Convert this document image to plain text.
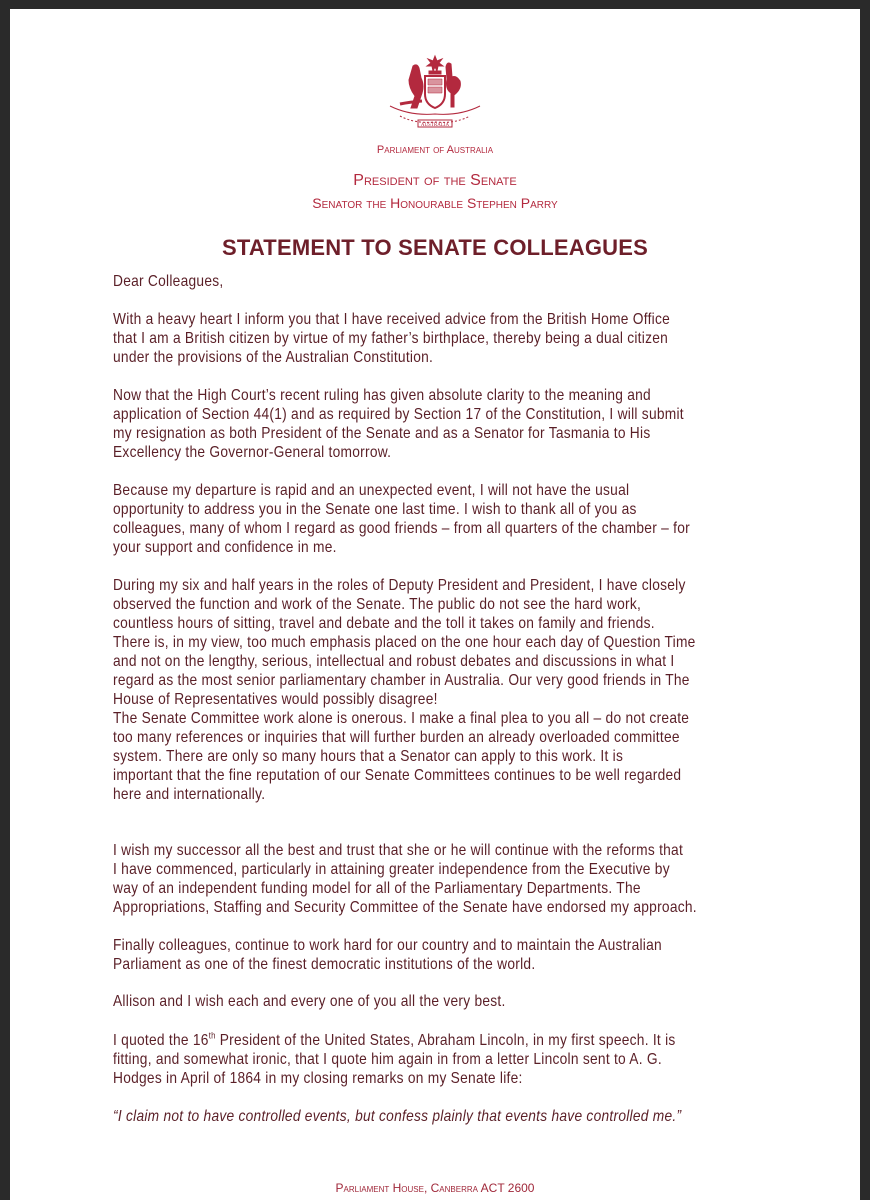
AUSTRALIA
Parliament of Australia
President of the Senate
Senator the Honourable Stephen Parry
STATEMENT TO SENATE COLLEAGUES
Dear Colleagues,
With a heavy heart I inform you that I have received advice from the British Home Office
that I am a British citizen by virtue of my father’s birthplace, thereby being a dual citizen
under the provisions of the Australian Constitution.
Now that the High Court’s recent ruling has given absolute clarity to the meaning and
application of Section 44(1) and as required by Section 17 of the Constitution, I will submit
my resignation as both President of the Senate and as a Senator for Tasmania to His
Excellency the Governor-General tomorrow.
Because my departure is rapid and an unexpected event, I will not have the usual
opportunity to address you in the Senate one last time. I wish to thank all of you as
colleagues, many of whom I regard as good friends – from all quarters of the chamber – for
your support and confidence in me.
During my six and half years in the roles of Deputy President and President, I have closely
observed the function and work of the Senate. The public do not see the hard work,
countless hours of sitting, travel and debate and the toll it takes on family and friends.
There is, in my view, too much emphasis placed on the one hour each day of Question Time
and not on the lengthy, serious, intellectual and robust debates and discussions in what I
regard as the most senior parliamentary chamber in Australia. Our very good friends in The
House of Representatives would possibly disagree!
The Senate Committee work alone is onerous. I make a final plea to you all – do not create
too many references or inquiries that will further burden an already overloaded committee
system. There are only so many hours that a Senator can apply to this work. It is
important that the fine reputation of our Senate Committees continues to be well regarded
here and internationally.
I wish my successor all the best and trust that she or he will continue with the reforms that
I have commenced, particularly in attaining greater independence from the Executive by
way of an independent funding model for all of the Parliamentary Departments. The
Appropriations, Staffing and Security Committee of the Senate have endorsed my approach.
Finally colleagues, continue to work hard for our country and to maintain the Australian
Parliament as one of the finest democratic institutions of the world.
Allison and I wish each and every one of you all the very best.
I quoted the 16th President of the United States, Abraham Lincoln, in my first speech. It is
fitting, and somewhat ironic, that I quote him again in from a letter Lincoln sent to A. G.
Hodges in April of 1864 in my closing remarks on my Senate life:
“I claim not to have controlled events, but confess plainly that events have controlled me.”
Parliament House, Canberra ACT 2600
